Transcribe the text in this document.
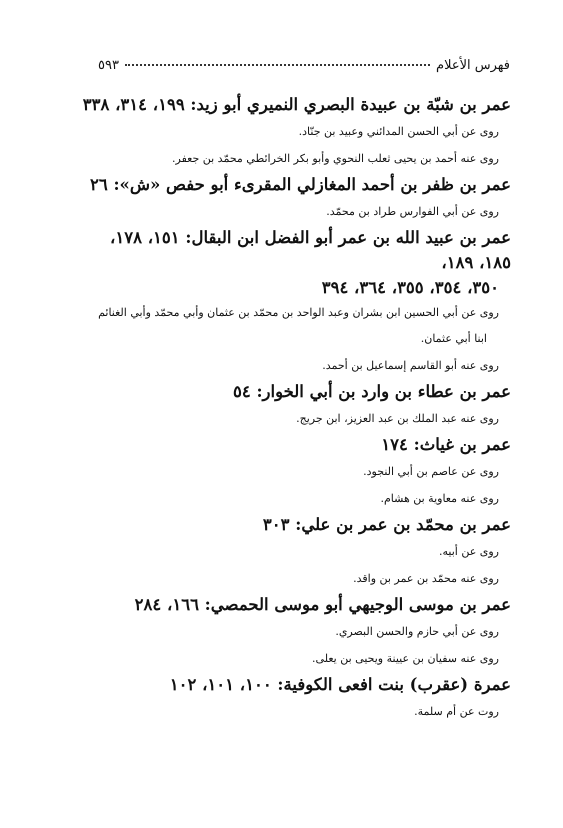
فهرس الأعلام
٥٩٣

عمر بن شبّة بن عبيدة البصري النميري أبو زيد: ١٩٩، ٣١٤، ٣٣٨

روى عن أبي الحسن المدائني وعبيد بن جنّاد.

روى عنه أحمد بن يحيى ثعلب النحوي وأبو بكر الخرائطي محمّد بن جعفر.

عمر بن ظفر بن أحمد المغازلي المقرىء أبو حفص «ش»: ٢٦

روى عن أبي الفوارس طراد بن محمّد.

عمر بن عبيد الله بن عمر أبو الفضل ابن البقال: ١٥١، ١٧٨، ١٨٥، ١٨٩،
٣٥٠، ٣٥٤، ٣٥٥، ٣٦٤، ٣٩٤

روى عن أبي الحسين ابن بشران وعبد الواحد بن محمّد بن عثمان وأبي محمّد وأبي الغنائم
ابنا أبي عثمان.

روى عنه أبو القاسم إسماعيل بن أحمد.

عمر بن عطاء بن وارد بن أبي الخوار: ٥٤

روى عنه عبد الملك بن عبد العزيز، ابن جريج.

عمر بن غياث: ١٧٤

روى عن عاصم بن أبي النجود.

روى عنه معاوية بن هشام.

عمر بن محمّد بن عمر بن علي: ٣٠٣

روى عن أبيه.

روى عنه محمّد بن عمر بن واقد.

عمر بن موسى الوجيهي أبو موسى الحمصي: ١٦٦، ٢٨٤

روى عن أبي حازم والحسن البصري.

روى عنه سفيان بن عيينة ويحيى بن يعلى.

عمرة (عقرب) بنت افعى الكوفية: ١٠٠، ١٠١، ١٠٢

روت عن أم سلمة.
